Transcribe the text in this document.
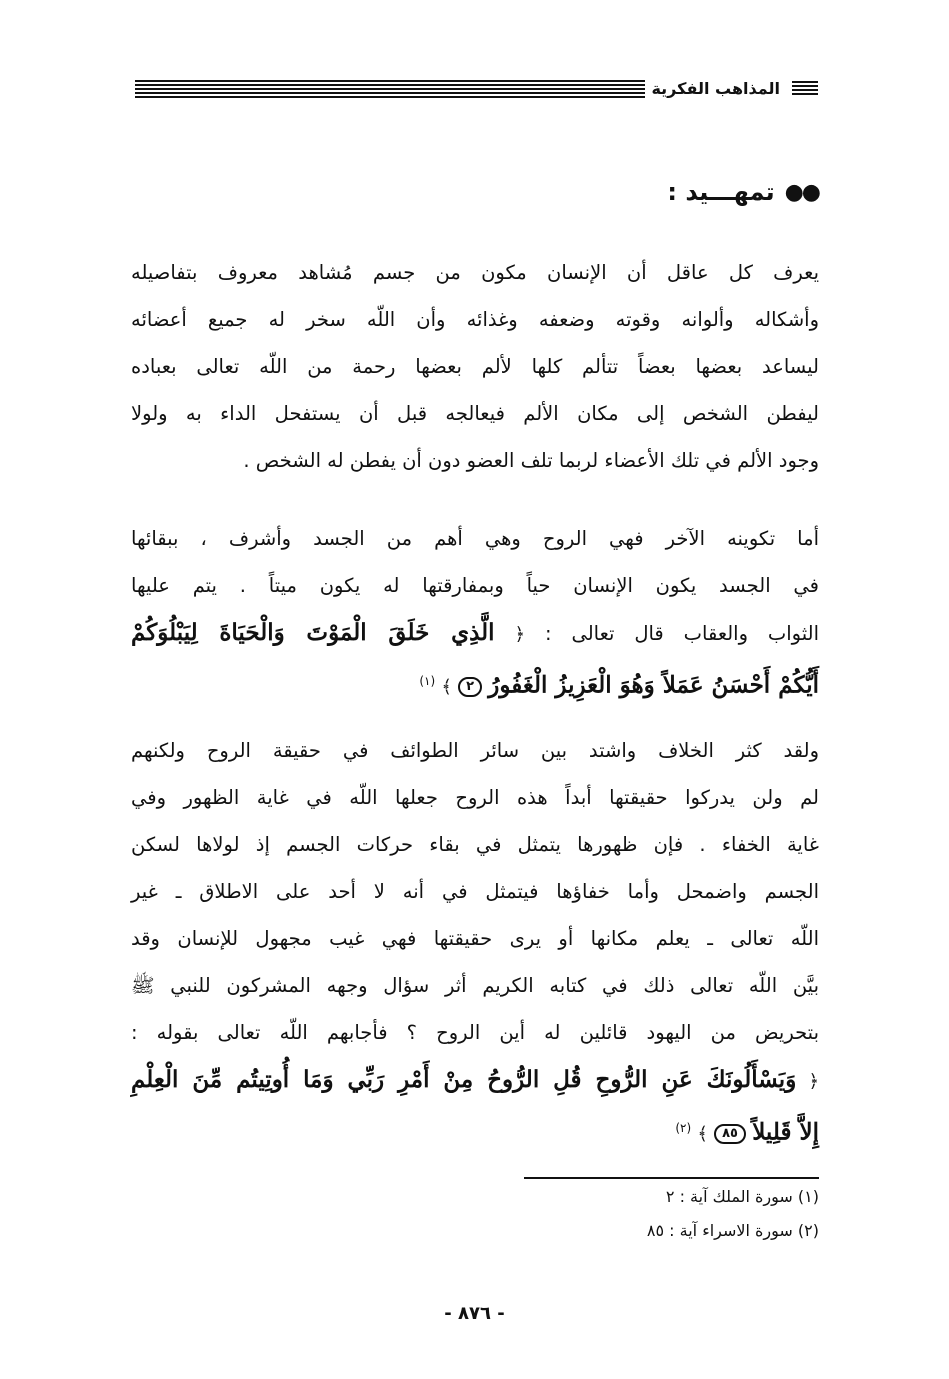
المذاهب الفكرية
●●
تمهـــيد :

يعرف كل عاقل أن الإنسان مكون من جسم مُشاهد معروف بتفاصيله
وأشكاله وألوانه وقوته وضعفه وغذائه وأن اللّه سخر له جميع أعضائه
ليساعد بعضها بعضاً تتألم كلها لألم بعضها رحمة من اللّه تعالى بعباده
ليفطن الشخص إلى مكان الألم فيعالجه قبل أن يستفحل الداء به ولولا
وجود الألم في تلك الأعضاء لربما تلف العضو دون أن يفطن له الشخص .

أما تكوينه الآخر فهي الروح وهي أهم من الجسد وأشرف ، ببقائها
في الجسد يكون الإنسان حياً وبمفارقتها له يكون ميتاً . يتم عليها
الثواب والعقاب قال تعالى : ﴿ الَّذِي خَلَقَ الْمَوْتَ وَالْحَيَاةَ لِيَبْلُوَكُمْ
أَيُّكُمْ أَحْسَنُ عَمَلاً وَهُوَ الْعَزِيزُ الْغَفُورُ ٢ ﴾ $^{(١)}$

ولقد كثر الخلاف واشتد بين سائر الطوائف في حقيقة الروح ولكنهم
لم ولن يدركوا حقيقتها أبداً هذه الروح جعلها اللّه في غاية الظهور وفي
غاية الخفاء . فإن ظهورها يتمثل في بقاء حركات الجسم إذ لولاها لسكن
الجسم واضمحل وأما خفاؤها فيتمثل في أنه لا أحد على الاطلاق ـ غير
اللّه تعالى ـ يعلم مكانها أو يرى حقيقتها فهي غيب مجهول للإنسان وقد
بيَّن اللّه تعالى ذلك في كتابه الكريم أثر سؤال وجهه المشركون للنبي ﷺ
بتحريض من اليهود قائلين له أين الروح ؟ فأجابهم اللّه تعالى بقوله :
﴿ وَيَسْأَلُونَكَ عَنِ الرُّوحِ قُلِ الرُّوحُ مِنْ أَمْرِ رَبِّي وَمَا أُوتِيتُم مِّنَ الْعِلْمِ
إِلاَّ قَلِيلاً ٨٥ ﴾ $^{(٢)}$

(١) سورة الملك آية : ٢
(٢) سورة الاسراء آية : ٨٥
- ٨٧٦ -
